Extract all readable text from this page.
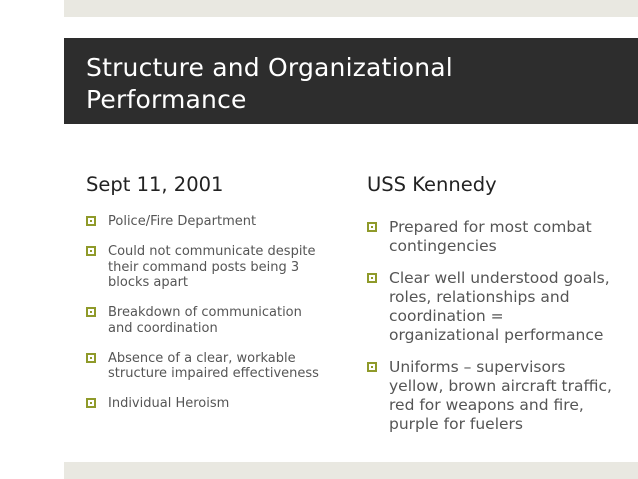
Structure and Organizational Performance
Sept 11, 2001
Police/Fire Department
Could not communicate despite their command posts being 3 blocks apart
Breakdown of communication and coordination
Absence of a clear, workable structure impaired effectiveness
Individual Heroism
USS Kennedy
Prepared for most combat contingencies
Clear well understood goals, roles, relationships and coordination = organizational performance
Uniforms – supervisors yellow, brown aircraft traffic, red for weapons and fire, purple for fuelers
